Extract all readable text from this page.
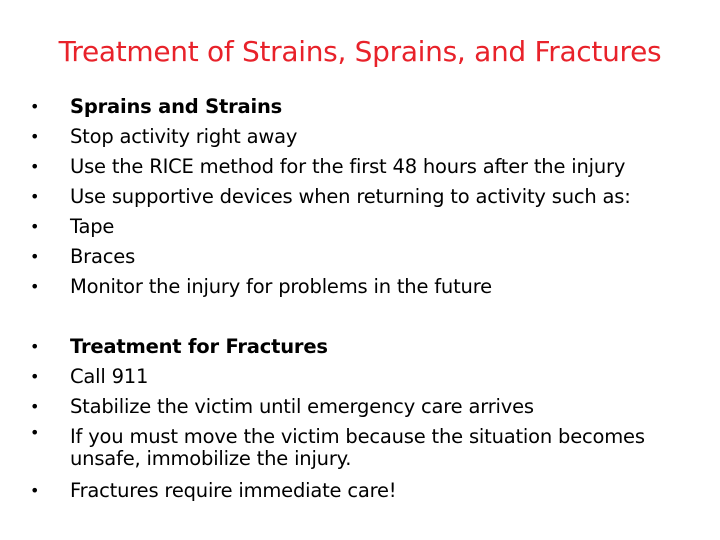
Treatment of Strains, Sprains, and Fractures
• Sprains and Strains
• Stop activity right away
• Use the RICE method for the first 48 hours after the injury
• Use supportive devices when returning to activity such as:
• Tape
• Braces
• Monitor the injury for problems in the future
• Treatment for Fractures
• Call 911
• Stabilize the victim until emergency care arrives
• If you must move the victim because the situation becomes unsafe, immobilize the injury.
• Fractures require immediate care!
